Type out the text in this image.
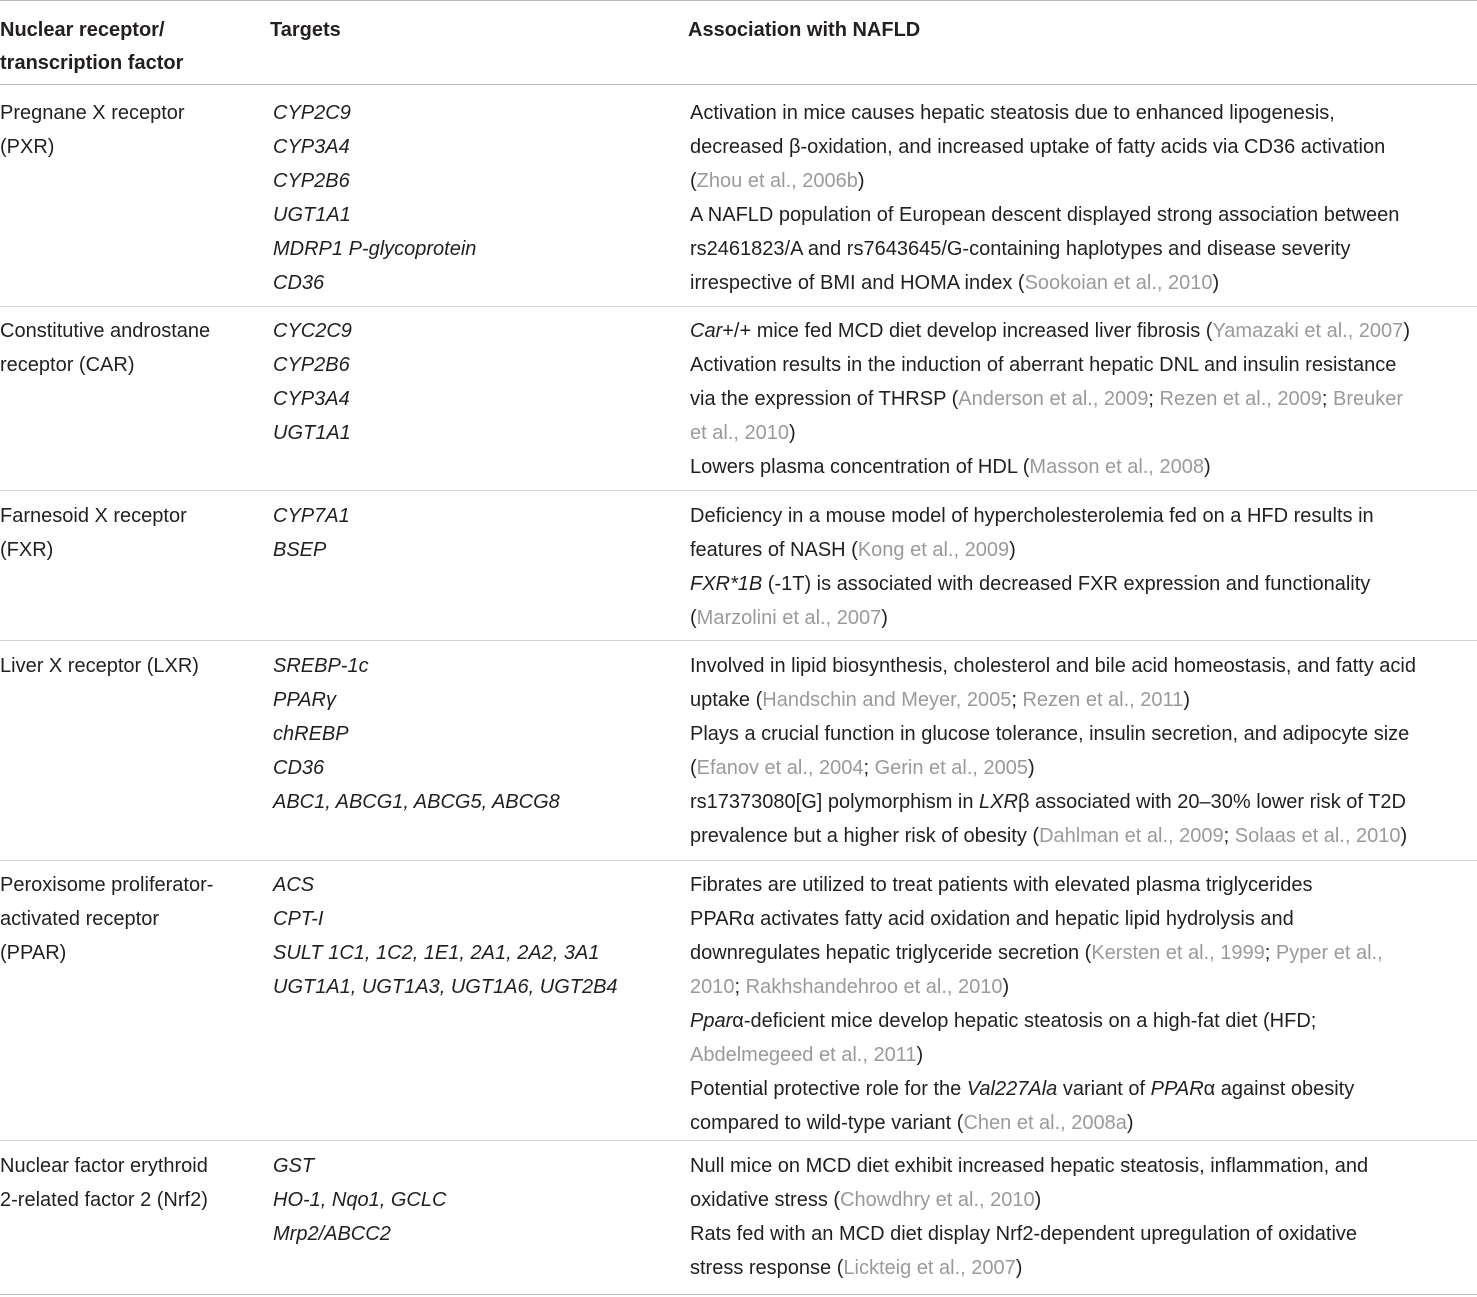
Nuclear receptor/
transcription factor
Targets	Association with NAFLD
Pregnane X receptor
(PXR)
CYP2C9
CYP3A4
CYP2B6
UGT1A1
MDRP1 P-glycoprotein
CD36
Activation in mice causes hepatic steatosis due to enhanced lipogenesis,
decreased β-oxidation, and increased uptake of fatty acids via CD36 activation
(Zhou et al., 2006b)
A NAFLD population of European descent displayed strong association between
rs2461823/A and rs7643645/G-containing haplotypes and disease severity
irrespective of BMI and HOMA index (Sookoian et al., 2010)
Constitutive androstane
receptor (CAR)
CYC2C9
CYP2B6
CYP3A4
UGT1A1
Car+/+ mice fed MCD diet develop increased liver fibrosis (Yamazaki et al., 2007)
Activation results in the induction of aberrant hepatic DNL and insulin resistance
via the expression of THRSP (Anderson et al., 2009; Rezen et al., 2009; Breuker
et al., 2010)
Lowers plasma concentration of HDL (Masson et al., 2008)
Farnesoid X receptor
(FXR)
CYP7A1
BSEP
Deficiency in a mouse model of hypercholesterolemia fed on a HFD results in
features of NASH (Kong et al., 2009)
FXR*1B (-1T) is associated with decreased FXR expression and functionality
(Marzolini et al., 2007)
Liver X receptor (LXR)	SREBP-1c
PPARγ
chREBP
CD36
ABC1, ABCG1, ABCG5, ABCG8
Involved in lipid biosynthesis, cholesterol and bile acid homeostasis, and fatty acid
uptake (Handschin and Meyer, 2005; Rezen et al., 2011)
Plays a crucial function in glucose tolerance, insulin secretion, and adipocyte size
(Efanov et al., 2004; Gerin et al., 2005)
rs17373080[G] polymorphism in LXRβ associated with 20–30% lower risk of T2D
prevalence but a higher risk of obesity (Dahlman et al., 2009; Solaas et al., 2010)
Peroxisome proliferator-
activated receptor
(PPAR)
ACS
CPT-I
SULT 1C1, 1C2, 1E1, 2A1, 2A2, 3A1
UGT1A1, UGT1A3, UGT1A6, UGT2B4
Fibrates are utilized to treat patients with elevated plasma triglycerides
PPARα activates fatty acid oxidation and hepatic lipid hydrolysis and
downregulates hepatic triglyceride secretion (Kersten et al., 1999; Pyper et al.,
2010; Rakhshandehroo et al., 2010)
Pparα-deficient mice develop hepatic steatosis on a high-fat diet (HFD;
Abdelmegeed et al., 2011)
Potential protective role for the Val227Ala variant of PPARα against obesity
compared to wild-type variant (Chen et al., 2008a)
Nuclear factor erythroid
2-related factor 2 (Nrf2)
GST
HO-1, Nqo1, GCLC
Mrp2/ABCC2
Null mice on MCD diet exhibit increased hepatic steatosis, inflammation, and
oxidative stress (Chowdhry et al., 2010)
Rats fed with an MCD diet display Nrf2-dependent upregulation of oxidative
stress response (Lickteig et al., 2007)
